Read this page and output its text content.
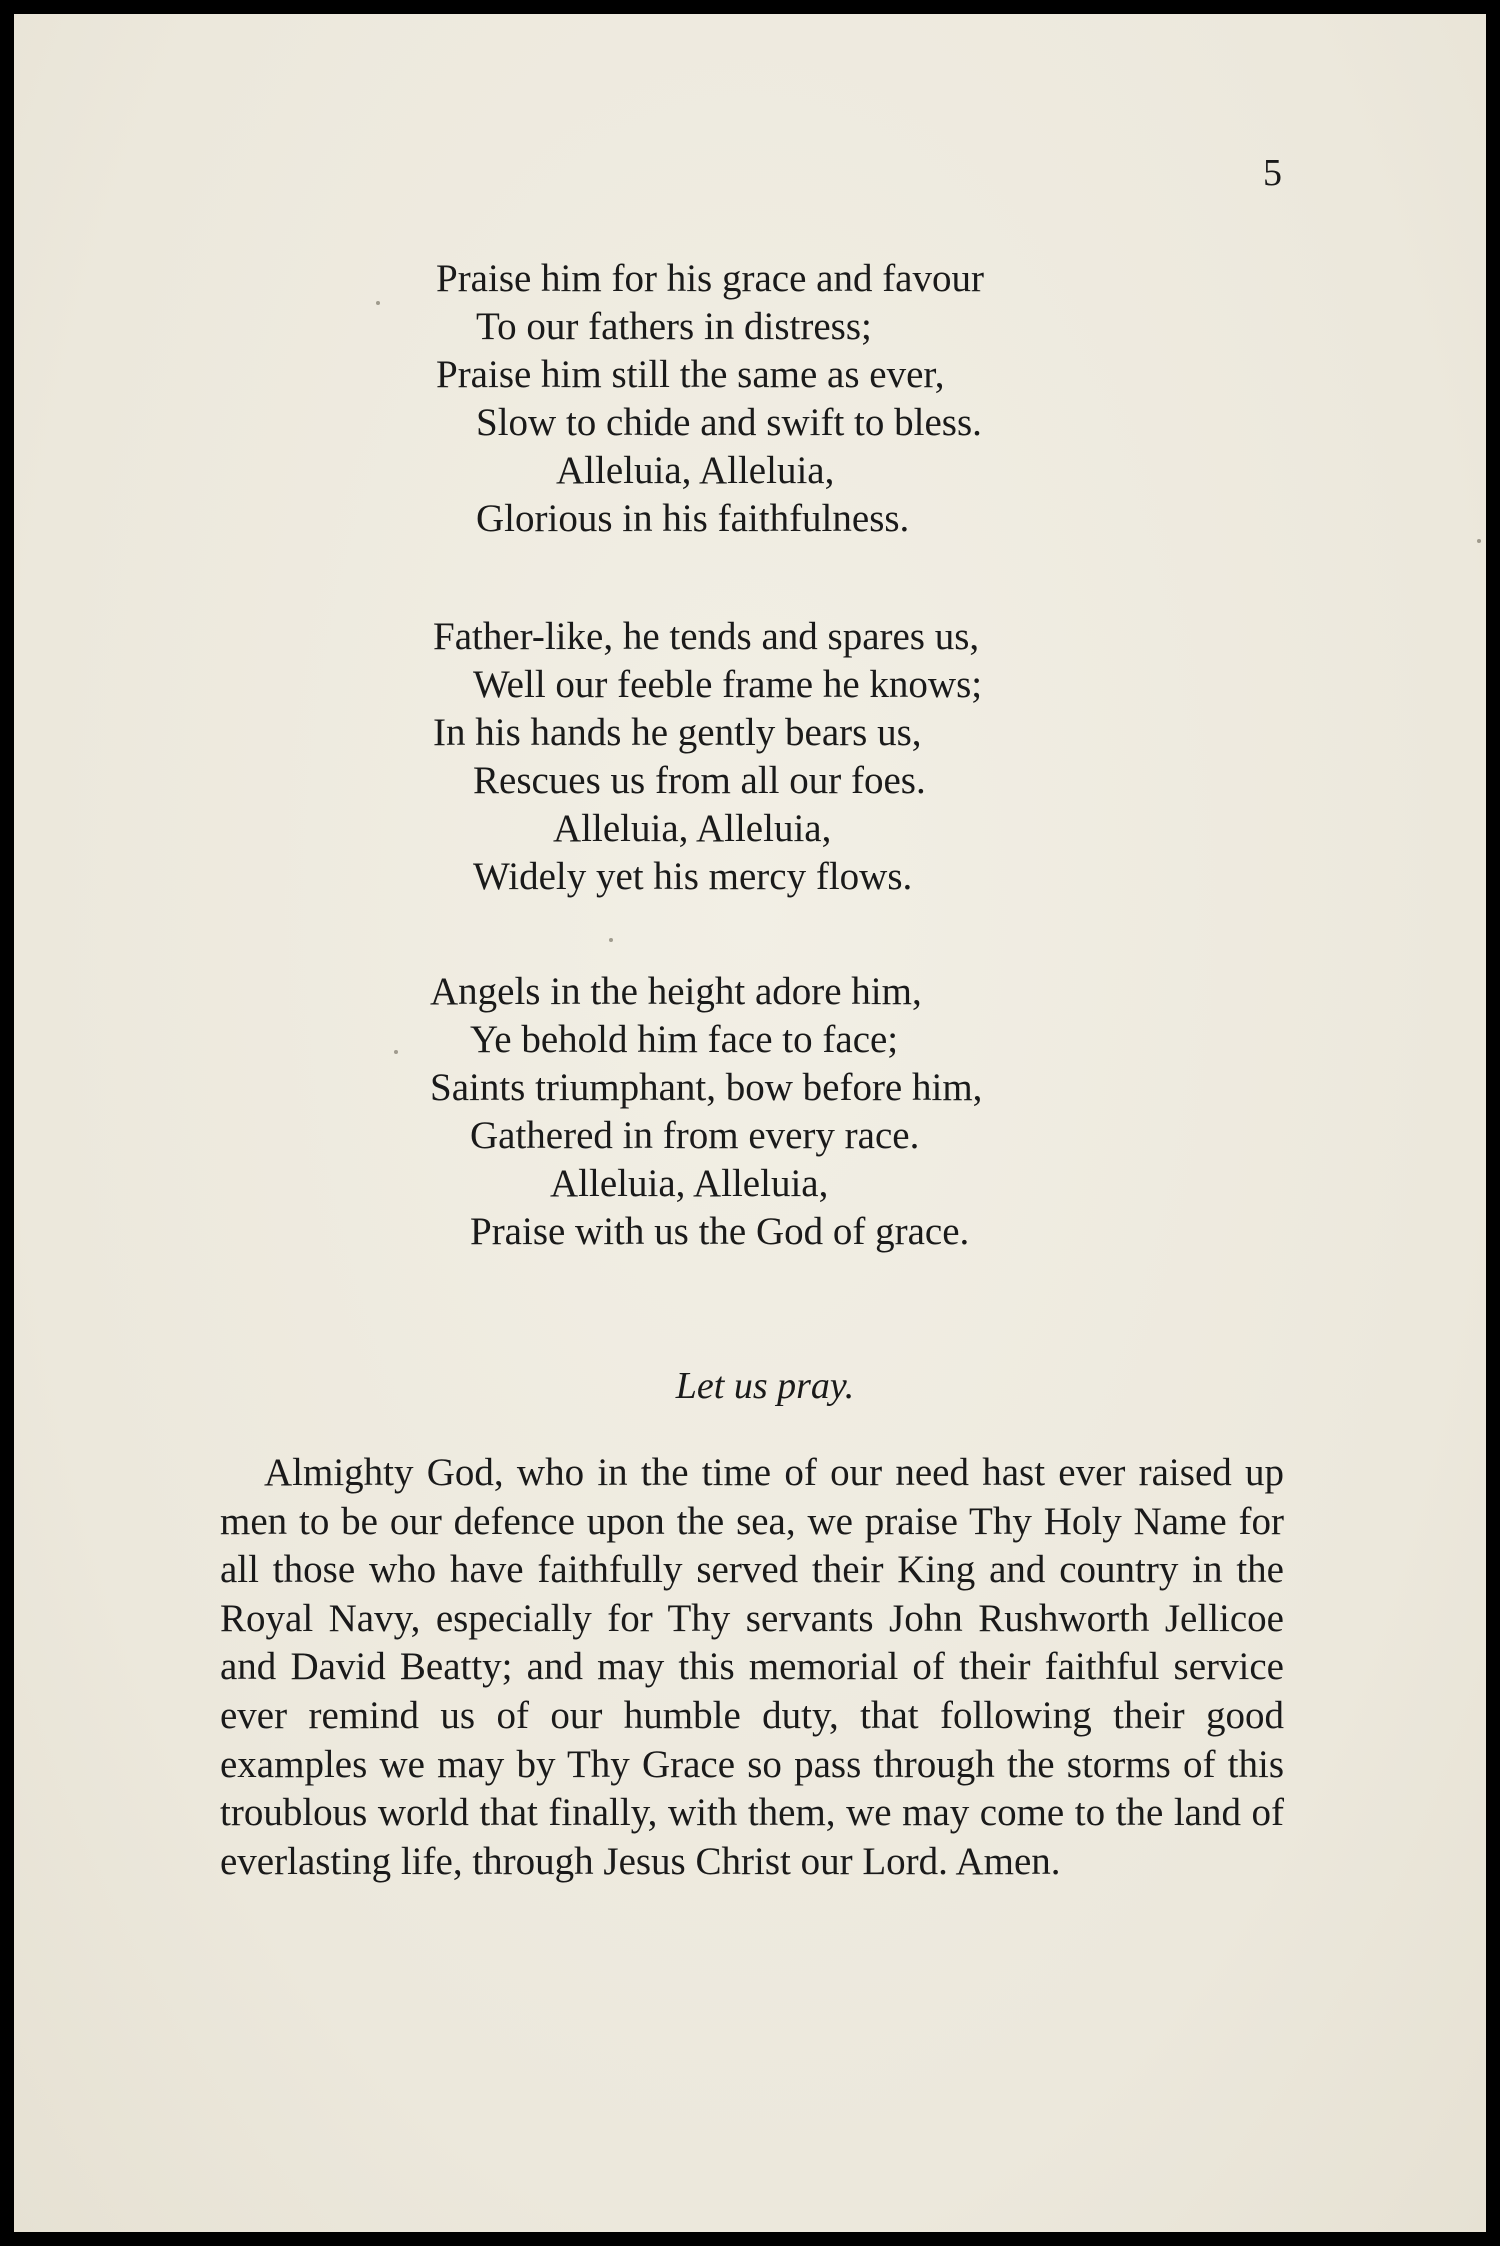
5
Praise him for his grace and favour
To our fathers in distress;
Praise him still the same as ever,
Slow to chide and swift to bless.
Alleluia, Alleluia,
Glorious in his faithfulness.
Father-like, he tends and spares us,
Well our feeble frame he knows;
In his hands he gently bears us,
Rescues us from all our foes.
Alleluia, Alleluia,
Widely yet his mercy flows.
Angels in the height adore him,
Ye behold him face to face;
Saints triumphant, bow before him,
Gathered in from every race.
Alleluia, Alleluia,
Praise with us the God of grace.
Let us pray.

Almighty God, who in the time of our need hast ever raised up men to be our defence upon the sea, we praise Thy Holy Name for all those who have faithfully served their King and country in the Royal Navy, especially for Thy servants John Rushworth Jellicoe and David Beatty; and may this memorial of their faithful service ever remind us of our humble duty, that following their good examples we may by Thy Grace so pass through the storms of this troublous world that finally, with them, we may come to the land of everlasting life, through Jesus Christ our Lord. Amen.
